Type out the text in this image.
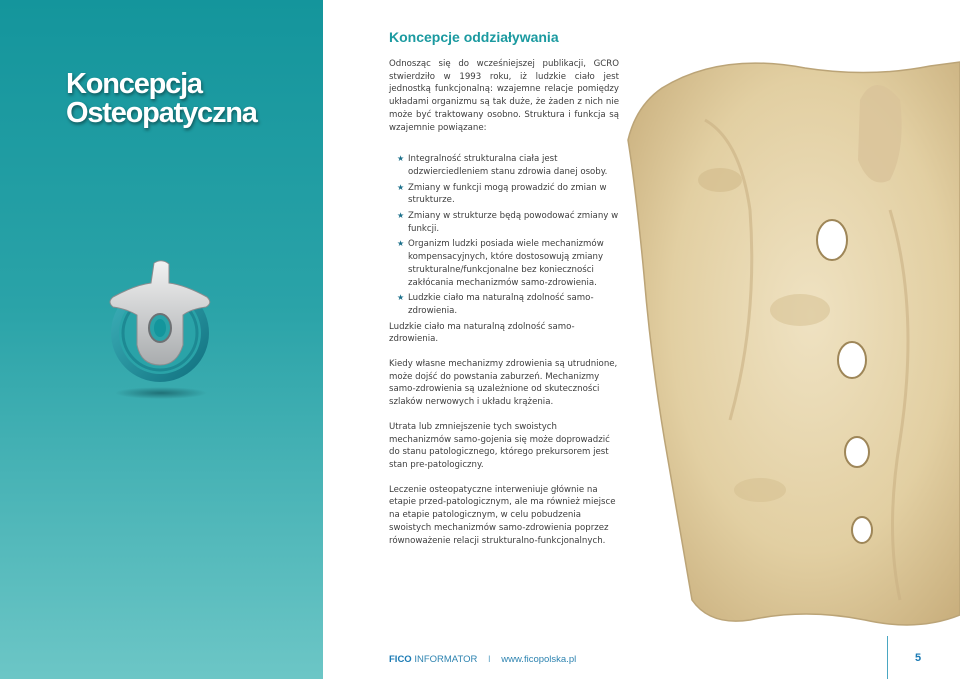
Koncepcja
Osteopatyczna
Koncepcje oddziaływania
Odnosząc się do wcześniejszej publikacji, GCRO stwierdziło w 1993 roku, iż ludzkie ciało jest jednostką funkcjonalną: wzajemne relacje pomiędzy układami organizmu są tak duże, że żaden z nich nie może być traktowany osobno. Struktura i funkcja są wzajemnie powiązane:
★ Integralność strukturalna ciała jest odzwierciedleniem stanu zdrowia danej osoby.
★ Zmiany w funkcji mogą prowadzić do zmian w strukturze.
★ Zmiany w strukturze będą powodować zmiany w funkcji.
★ Organizm ludzki posiada wiele mechanizmów kompensacyjnych, które dostosowują zmiany strukturalne/funkcjonalne bez konieczności zakłócania mechanizmów samo-zdrowienia.
★ Ludzkie ciało ma naturalną zdolność samo-zdrowienia.
Ludzkie ciało ma naturalną zdolność samo-zdrowienia.
Kiedy własne mechanizmy zdrowienia są utrudnione, może dojść do powstania zaburzeń. Mechanizmy samo-zdrowienia są uzależnione od skuteczności szlaków nerwowych i układu krążenia.
Utrata lub zmniejszenie tych swoistych mechanizmów samo-gojenia się może doprowadzić do stanu patologicznego, którego prekursorem jest stan pre-patologiczny.
Leczenie osteopatyczne interweniuje głównie na etapie przed-patologicznym, ale ma również miejsce na etapie patologicznym, w celu pobudzenia swoistych mechanizmów samo-zdrowienia poprzez równoważenie relacji strukturalno-funkcjonalnych.
FICO INFORMATOR I www.ficopolska.pl	5
